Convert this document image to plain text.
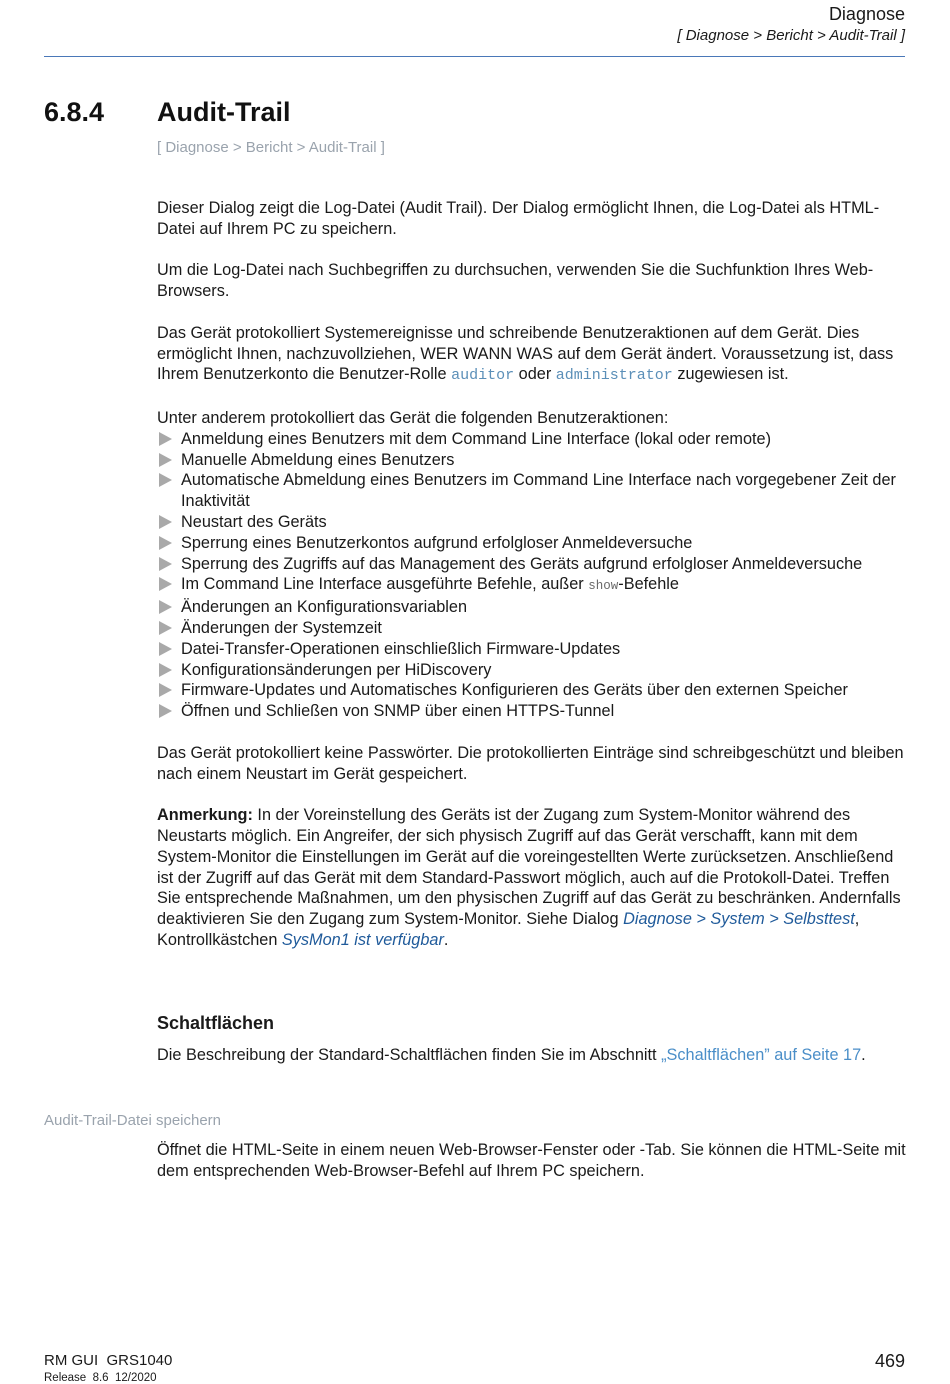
Diagnose
[ Diagnose > Bericht > Audit-Trail ]
6.8.4 Audit-Trail
[ Diagnose > Bericht > Audit-Trail ]

Dieser Dialog zeigt die Log-Datei (Audit Trail). Der Dialog ermöglicht Ihnen, die Log-Datei als HTML-Datei auf Ihrem PC zu speichern.

Um die Log-Datei nach Suchbegriffen zu durchsuchen, verwenden Sie die Suchfunktion Ihres Web-Browsers.

Das Gerät protokolliert Systemereignisse und schreibende Benutzeraktionen auf dem Gerät. Dies ermöglicht Ihnen, nachzuvollziehen, WER WANN WAS auf dem Gerät ändert. Voraussetzung ist, dass Ihrem Benutzerkonto die Benutzer-Rolle auditor oder administrator zugewiesen ist.

Unter anderem protokolliert das Gerät die folgenden Benutzeraktionen:
Anmeldung eines Benutzers mit dem Command Line Interface (lokal oder remote)
Manuelle Abmeldung eines Benutzers
Automatische Abmeldung eines Benutzers im Command Line Interface nach vorgegebener Zeit der Inaktivität
Neustart des Geräts
Sperrung eines Benutzerkontos aufgrund erfolgloser Anmeldeversuche
Sperrung des Zugriffs auf das Management des Geräts aufgrund erfolgloser Anmeldeversuche
Im Command Line Interface ausgeführte Befehle, außer show-Befehle
Änderungen an Konfigurationsvariablen
Änderungen der Systemzeit
Datei-Transfer-Operationen einschließlich Firmware-Updates
Konfigurationsänderungen per HiDiscovery
Firmware-Updates und Automatisches Konfigurieren des Geräts über den externen Speicher
Öffnen und Schließen von SNMP über einen HTTPS-Tunnel

Das Gerät protokolliert keine Passwörter. Die protokollierten Einträge sind schreibgeschützt und bleiben nach einem Neustart im Gerät gespeichert.

Anmerkung: In der Voreinstellung des Geräts ist der Zugang zum System-Monitor während des Neustarts möglich. Ein Angreifer, der sich physisch Zugriff auf das Gerät verschafft, kann mit dem System-Monitor die Einstellungen im Gerät auf die voreingestellten Werte zurücksetzen. Anschließend ist der Zugriff auf das Gerät mit dem Standard-Passwort möglich, auch auf die Protokoll-Datei. Treffen Sie entsprechende Maßnahmen, um den physischen Zugriff auf das Gerät zu beschränken. Andernfalls deaktivieren Sie den Zugang zum System-Monitor. Siehe Dialog Diagnose > System > Selbsttest, Kontrollkästchen SysMon1 ist verfügbar.

Schaltflächen

Die Beschreibung der Standard-Schaltflächen finden Sie im Abschnitt „Schaltflächen” auf Seite 17.

Audit-Trail-Datei speichern

Öffnet die HTML-Seite in einem neuen Web-Browser-Fenster oder -Tab. Sie können die HTML-Seite mit dem entsprechenden Web-Browser-Befehl auf Ihrem PC speichern.

RM GUI  GRS1040
Release  8.6  12/2020
469
